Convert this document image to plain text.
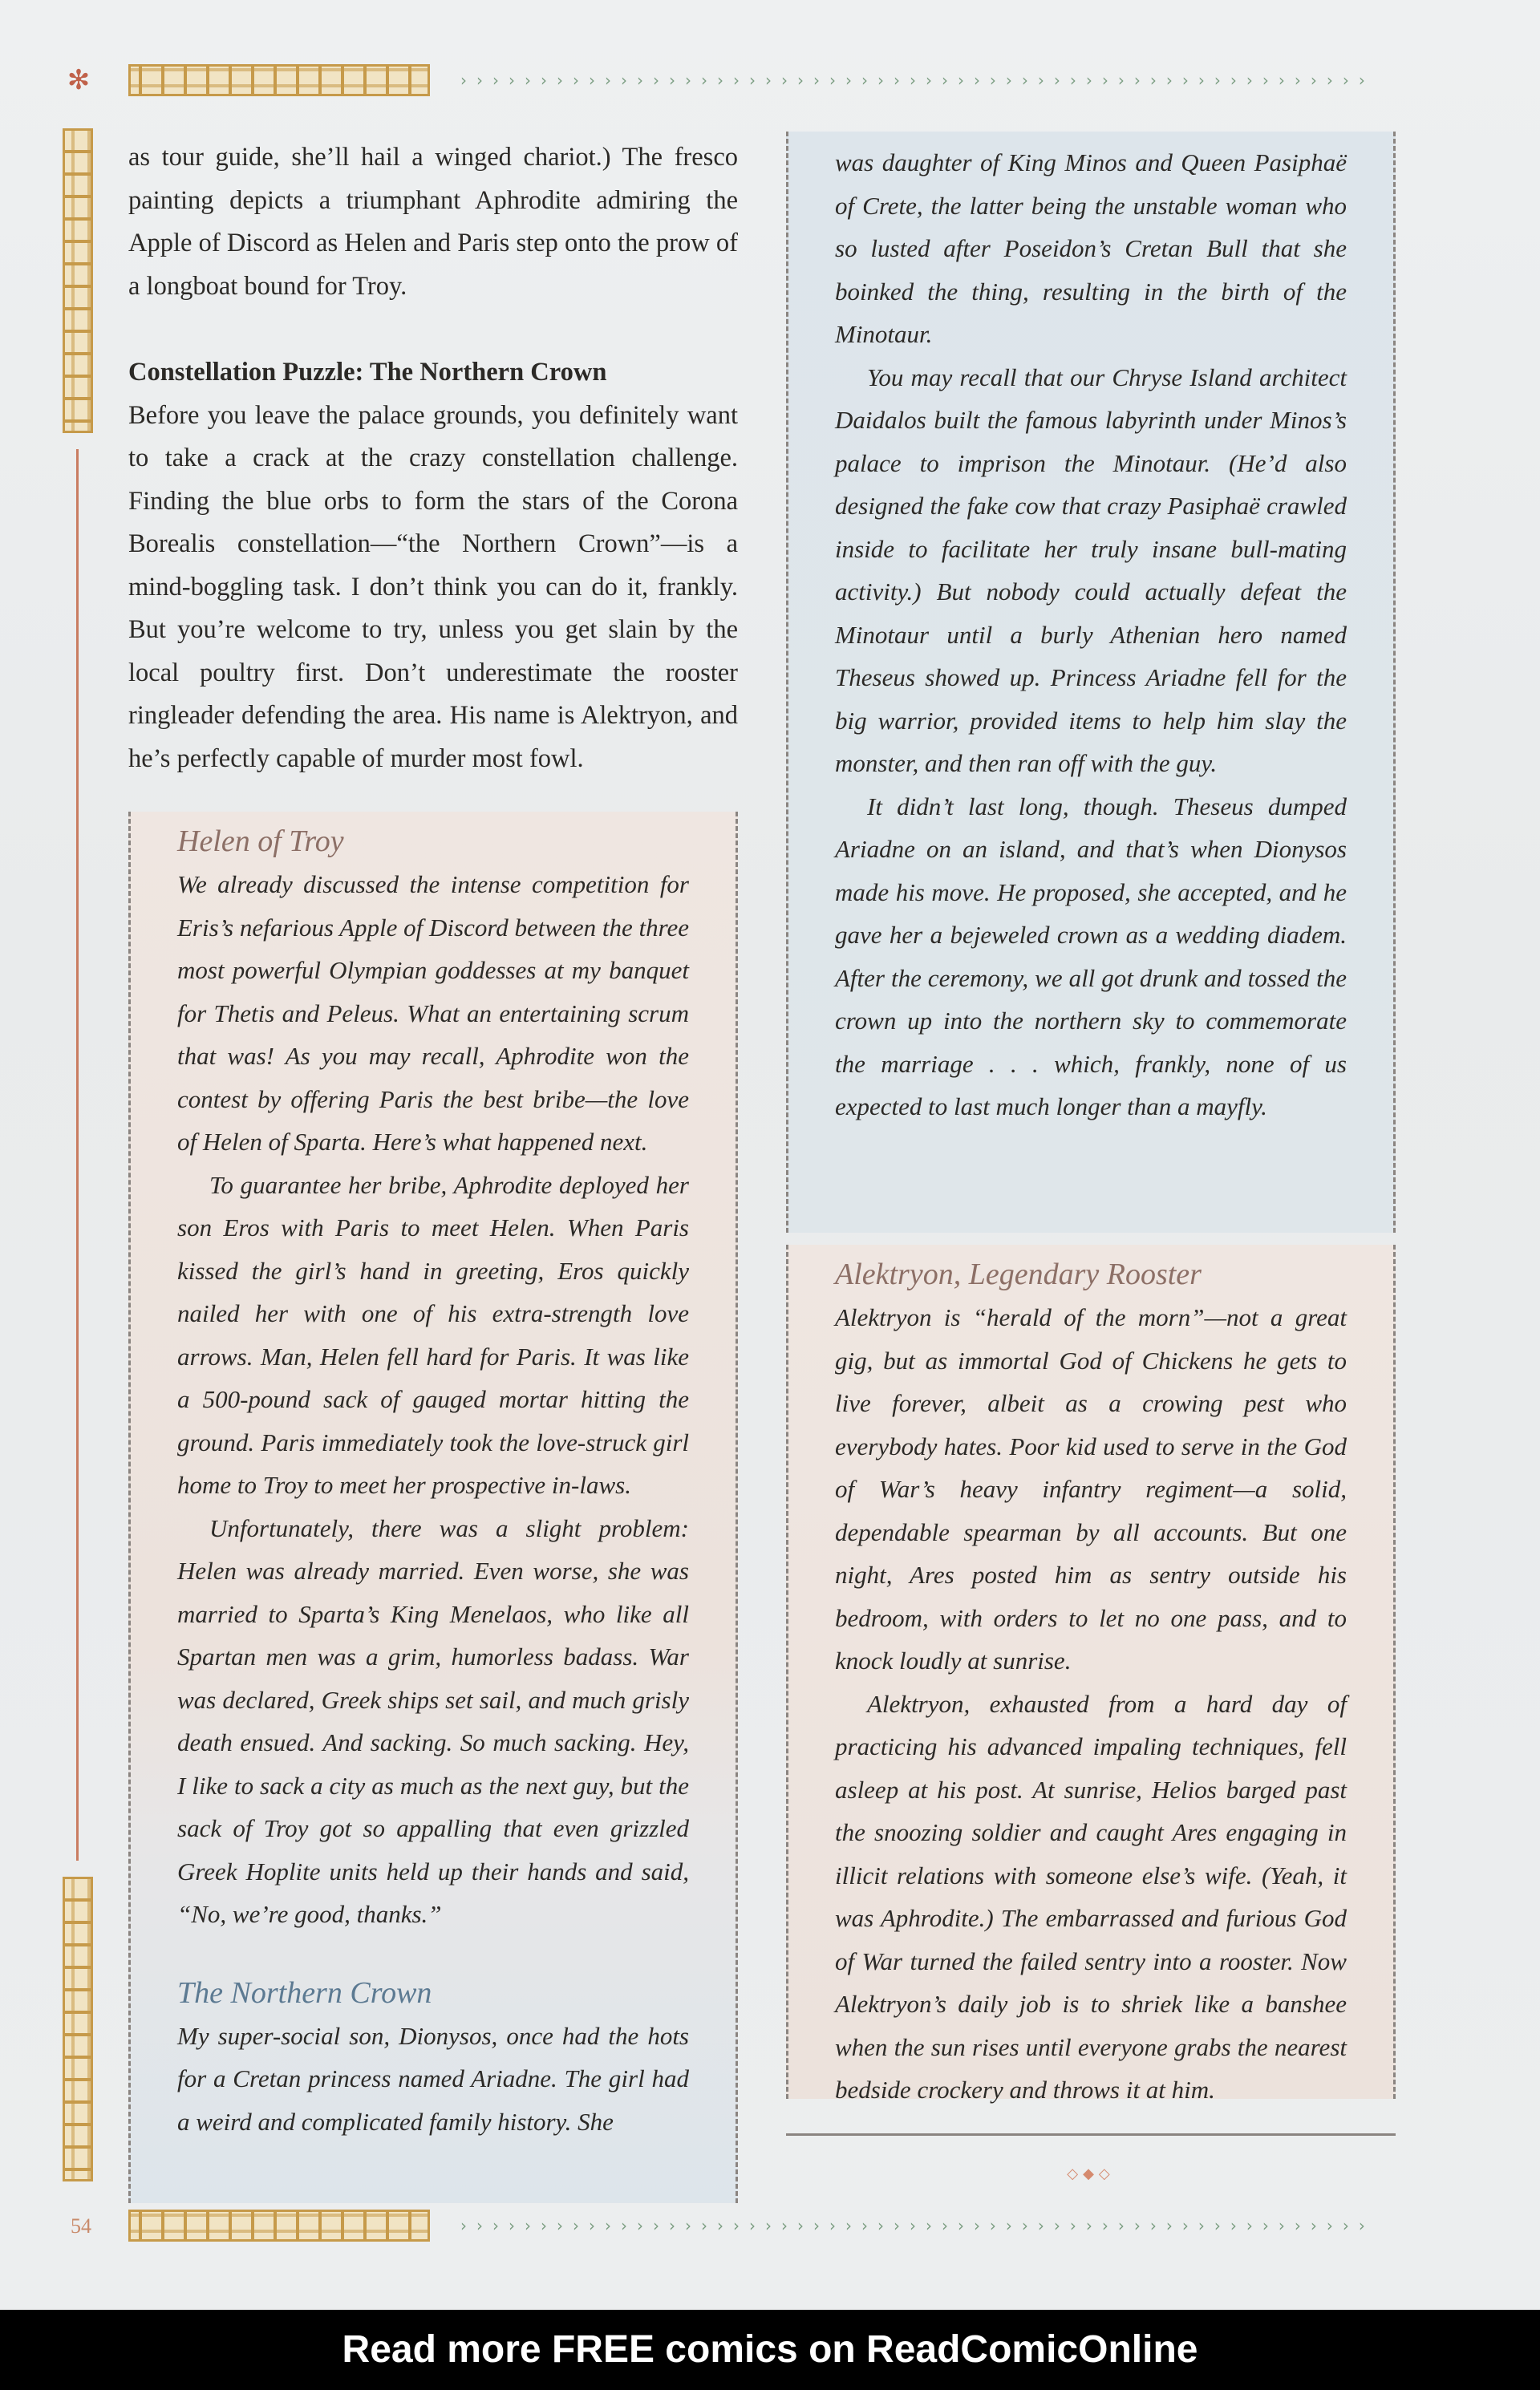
✻	›››››››››››››››››››››››››››››››››››››››››››››››››››››››››

as tour guide, she’ll hail a winged chariot.) The fresco painting depicts a triumphant Aphrodite admiring the Apple of Discord as Helen and Paris step onto the prow of a longboat bound for Troy.

Constellation Puzzle: The Northern Crown

Before you leave the palace grounds, you definitely want to take a crack at the crazy constellation challenge. Finding the blue orbs to form the stars of the Corona Borealis constellation—“the Northern Crown”—is a mind-boggling task. I don’t think you can do it, frankly. But you’re welcome to try, unless you get slain by the local poultry first. Don’t underestimate the rooster ringleader defending the area. His name is Alektryon, and he’s perfectly capable of murder most fowl.

Helen of Troy

We already discussed the intense competition for Eris’s nefarious Apple of Discord between the three most powerful Olympian goddesses at my banquet for Thetis and Peleus. What an entertaining scrum that was! As you may recall, Aphrodite won the contest by offering Paris the best bribe—the love of Helen of Sparta. Here’s what happened next.

To guarantee her bribe, Aphrodite deployed her son Eros with Paris to meet Helen. When Paris kissed the girl’s hand in greeting, Eros quickly nailed her with one of his extra-strength love arrows. Man, Helen fell hard for Paris. It was like a 500-pound sack of gauged mortar hitting the ground. Paris immediately took the love-struck girl home to Troy to meet her prospective in-laws.

Unfortunately, there was a slight problem: Helen was already married. Even worse, she was married to Sparta’s King Menelaos, who like all Spartan men was a grim, humorless badass. War was declared, Greek ships set sail, and much grisly death ensued. And sacking. So much sacking. Hey, I like to sack a city as much as the next guy, but the sack of Troy got so appalling that even grizzled Greek Hoplite units held up their hands and said, “No, we’re good, thanks.”

The Northern Crown

My super-social son, Dionysos, once had the hots for a Cretan princess named Ariadne. The girl had a weird and complicated family history. She

was daughter of King Minos and Queen Pasiphaë of Crete, the latter being the unstable woman who so lusted after Poseidon’s Cretan Bull that she boinked the thing, resulting in the birth of the Minotaur.

You may recall that our Chryse Island architect Daidalos built the famous labyrinth under Minos’s palace to imprison the Minotaur. (He’d also designed the fake cow that crazy Pasiphaë crawled inside to facilitate her truly insane bull-mating activity.) But nobody could actually defeat the Minotaur until a burly Athenian hero named Theseus showed up. Princess Ariadne fell for the big warrior, provided items to help him slay the monster, and then ran off with the guy.

It didn’t last long, though. Theseus dumped Ariadne on an island, and that’s when Dionysos made his move. He proposed, she accepted, and he gave her a bejeweled crown as a wedding diadem. After the ceremony, we all got drunk and tossed the crown up into the northern sky to commemorate the marriage . . . which, frankly, none of us expected to last much longer than a mayfly.

Alektryon, Legendary Rooster

Alektryon is “herald of the morn”—not a great gig, but as immortal God of Chickens he gets to live forever, albeit as a crowing pest who everybody hates. Poor kid used to serve in the God of War’s heavy infantry regiment—a solid, dependable spearman by all accounts. But one night, Ares posted him as sentry outside his bedroom, with orders to let no one pass, and to knock loudly at sunrise.

Alektryon, exhausted from a hard day of practicing his advanced impaling techniques, fell asleep at his post. At sunrise, Helios barged past the snoozing soldier and caught Ares engaging in illicit relations with someone else’s wife. (Yeah, it was Aphrodite.) The embarrassed and furious God of War turned the failed sentry into a rooster. Now Alektryon’s daily job is to shriek like a banshee when the sun rises until everyone grabs the nearest bedside crockery and throws it at him.

◇◆◇
54	›››››››››››››››››››››››››››››››››››››››››››››››››››››››››
Read more FREE comics on ReadComicOnline
